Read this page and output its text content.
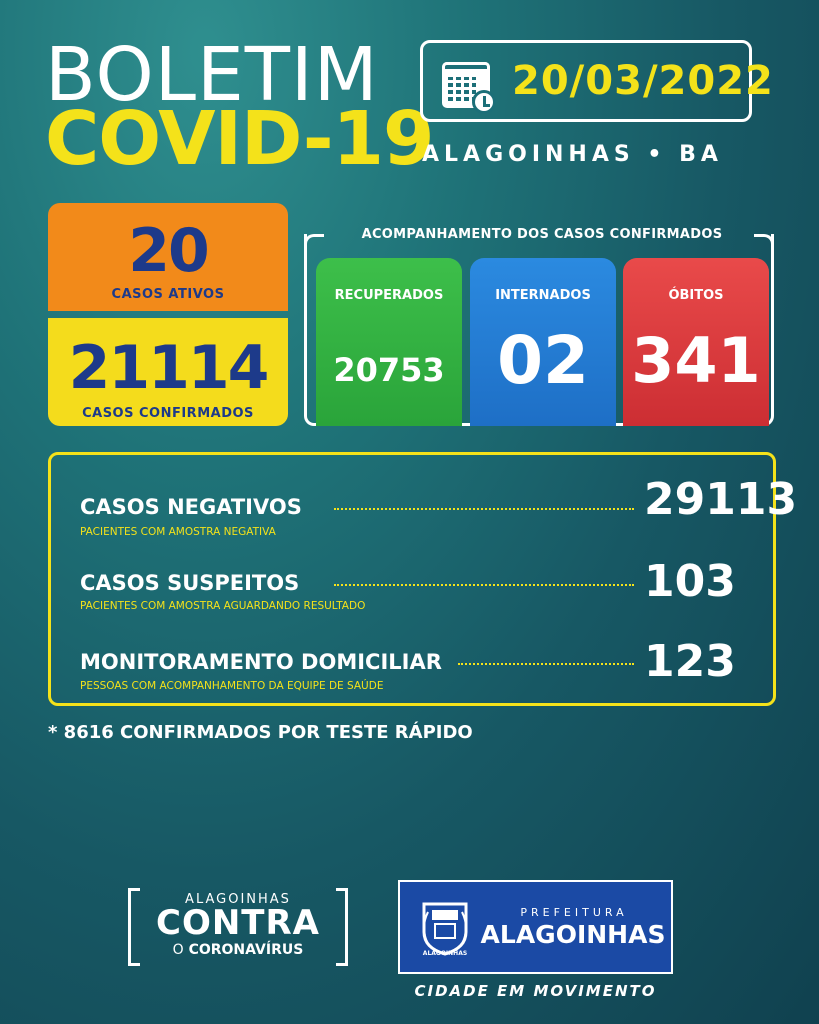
BOLETIM
COVID-19
20/03/2022
ALAGOINHAS • BA
20
CASOS ATIVOS
21114
CASOS CONFIRMADOS
ACOMPANHAMENTO DOS CASOS CONFIRMADOS
RECUPERADOS
20753
INTERNADOS
02
ÓBITOS
341
CASOS NEGATIVOS	29113
PACIENTES COM AMOSTRA NEGATIVA
CASOS SUSPEITOS	103
PACIENTES COM AMOSTRA AGUARDANDO RESULTADO
MONITORAMENTO DOMICILIAR	123
PESSOAS COM ACOMPANHAMENTO DA EQUIPE DE SAÚDE
* 8616 CONFIRMADOS POR TESTE RÁPIDO
ALAGOINHAS
CONTRA
O CORONAVÍRUS	ALAGOINHAS
PREFEITURA
ALAGOINHAS
CIDADE EM MOVIMENTO
